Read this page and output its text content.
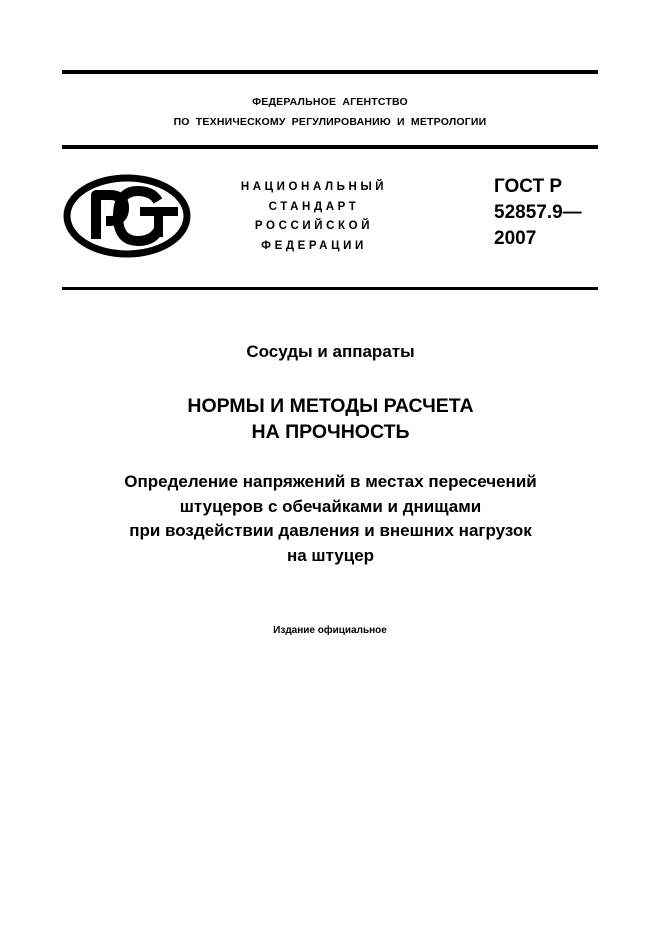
ФЕДЕРАЛЬНОЕ АГЕНТСТВО
ПО ТЕХНИЧЕСКОМУ РЕГУЛИРОВАНИЮ И МЕТРОЛОГИИ
НАЦИОНАЛЬНЫЙ
СТАНДАРТ
РОССИЙСКОЙ
ФЕДЕРАЦИИ
ГОСТ Р
52857.9—
2007
Сосуды и аппараты
НОРМЫ И МЕТОДЫ РАСЧЕТА
НА ПРОЧНОСТЬ
Определение напряжений в местах пересечений
штуцеров с обечайками и днищами
при воздействии давления и внешних нагрузок
на штуцер
Издание официальное
